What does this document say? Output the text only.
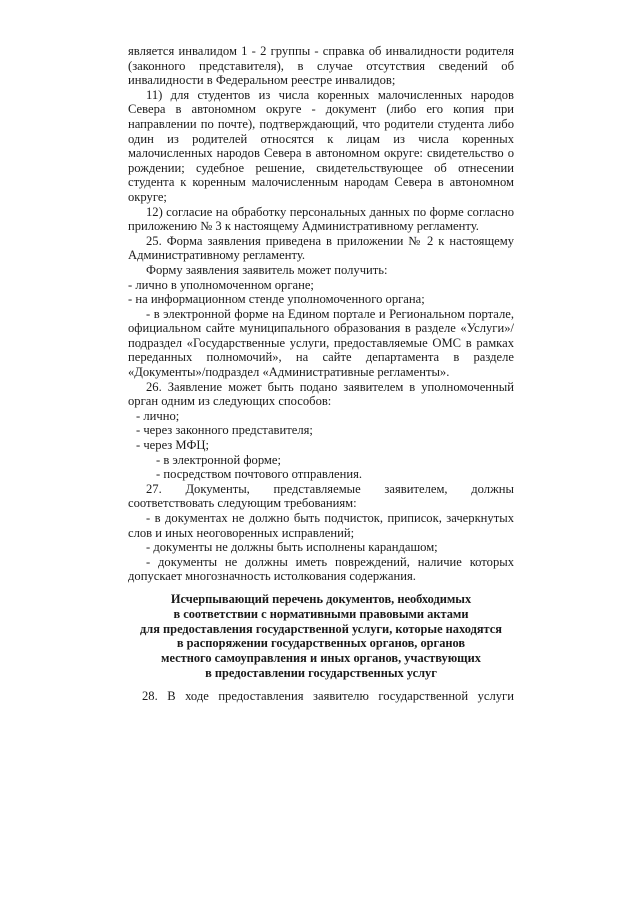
является инвалидом 1 - 2 группы - справка об инвалидности родителя (законного представителя), в случае отсутствия сведений об инвалидности в Федеральном реестре инвалидов;

11) для студентов из числа коренных малочисленных народов Севера в автономном округе - документ (либо его копия при направлении по почте), подтверждающий, что родители студента либо один из родителей относятся к лицам из числа коренных малочисленных народов Севера в автономном округе: свидетельство о рождении; судебное решение, свидетельствующее об отнесении студента к коренным малочисленным народам Севера в автономном округе;

12) согласие на обработку персональных данных по форме согласно приложению № 3 к настоящему Административному регламенту.

25. Форма заявления приведена в приложении № 2 к настоящему Административному регламенту.

Форму заявления заявитель может получить:

- лично в уполномоченном органе;

- на информационном стенде уполномоченного органа;

- в электронной форме на Едином портале и Региональном портале, официальном сайте муниципального образования в разделе «Услуги»/подраздел «Государственные услуги, предоставляемые ОМС в рамках переданных полномочий», на сайте департамента в разделе «Документы»/подраздел «Административные регламенты».

26. Заявление может быть подано заявителем в уполномоченный орган одним из следующих способов:

- лично;

- через законного представителя;

- через МФЦ;

- в электронной форме;

- посредством почтового отправления.

27. Документы, представляемые заявителем, должны соответствовать следующим требованиям:

- в документах не должно быть подчисток, приписок, зачеркнутых слов и иных неоговоренных исправлений;

- документы не должны быть исполнены карандашом;

- документы не должны иметь повреждений, наличие которых допускает многозначность истолкования содержания.

Исчерпывающий перечень документов, необходимых

в соответствии с нормативными правовыми актами

для предоставления государственной услуги, которые находятся

в распоряжении государственных органов, органов

местного самоуправления и иных органов, участвующих

в предоставлении государственных услуг

28. В ходе предоставления заявителю государственной услуги
